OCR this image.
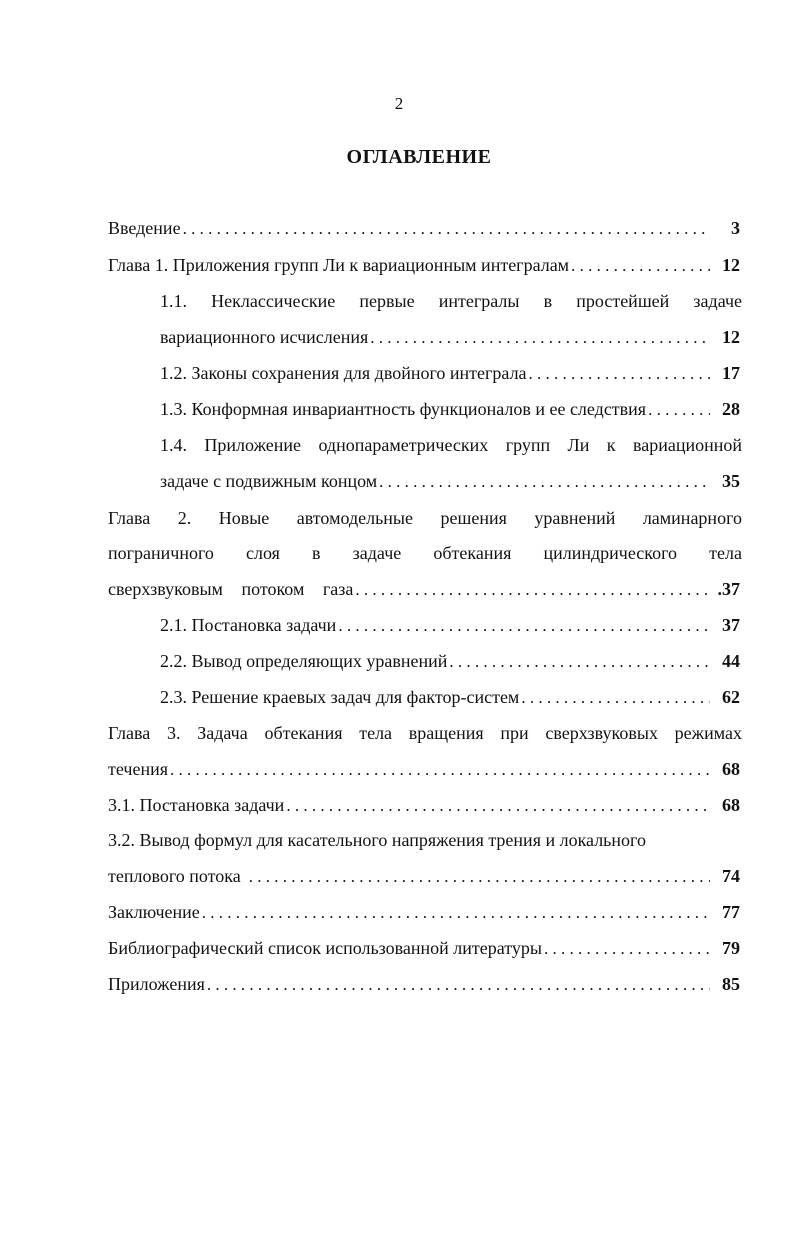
2
ОГЛАВЛЕНИЕ
Введение . . .	3
Глава 1. Приложения групп Ли к вариационным интегралам . . .	12
1.1. Неклассические первые интегралы в простейшей задаче
вариационного исчисления . . .	12
1.2. Законы сохранения для двойного интеграла . . .	17
1.3. Конформная инвариантность функционалов и ее следствия . . .	28
1.4. Приложение однопараметрических групп Ли к вариационной
задаче с подвижным концом . . .	35
Глава 2. Новые автомодельные решения уравнений ламинарного
пограничного слоя в задаче обтекания цилиндрического тела
сверхзвуковым потоком газа . . .	.37
2.1. Постановка задачи . . .	37
2.2. Вывод определяющих уравнений . . .	44
2.3. Решение краевых задач для фактор-систем . . .	62
Глава 3. Задача обтекания тела вращения при сверхзвуковых режимах
течения . . .	68
3.1. Постановка задачи . . .	68
3.2. Вывод формул для касательного напряжения трения и локального
теплового потока . . .	74
Заключение . . .	77
Библиографический список использованной литературы . . .	79
Приложения . . .	85
